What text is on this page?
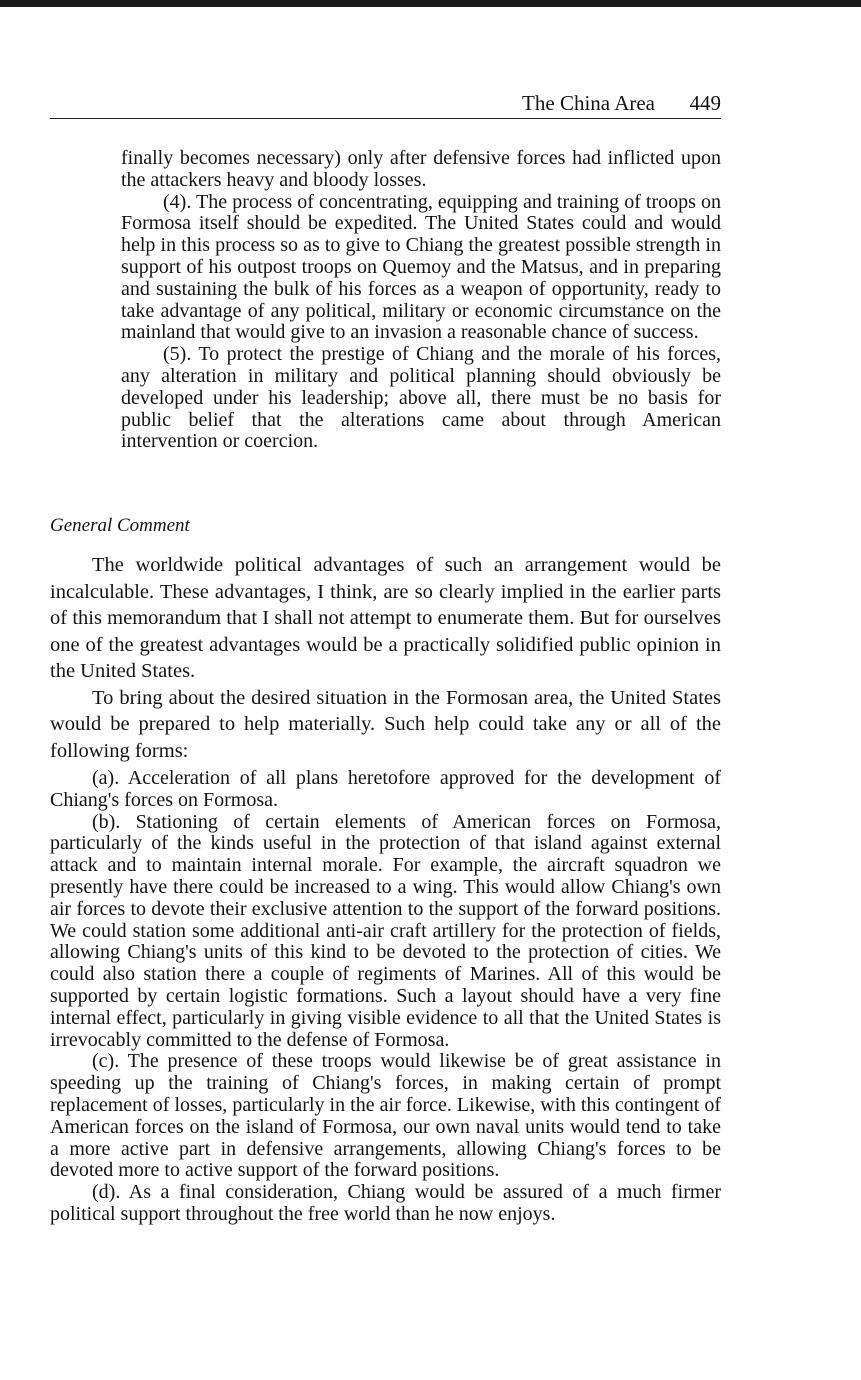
The China Area 449

finally becomes necessary) only after defensive forces had inflicted upon the attackers heavy and bloody losses.

(4). The process of concentrating, equipping and training of troops on Formosa itself should be expedited. The United States could and would help in this process so as to give to Chiang the greatest possible strength in support of his outpost troops on Quemoy and the Matsus, and in preparing and sustaining the bulk of his forces as a weapon of opportunity, ready to take advantage of any political, military or economic circumstance on the mainland that would give to an invasion a reasonable chance of success.

(5). To protect the prestige of Chiang and the morale of his forces, any alteration in military and political planning should obviously be developed under his leadership; above all, there must be no basis for public belief that the alterations came about through American intervention or coercion.

General Comment

The worldwide political advantages of such an arrangement would be incalculable. These advantages, I think, are so clearly implied in the earlier parts of this memorandum that I shall not attempt to enumerate them. But for ourselves one of the greatest advantages would be a practically solidified public opinion in the United States.

To bring about the desired situation in the Formosan area, the United States would be prepared to help materially. Such help could take any or all of the following forms:

(a). Acceleration of all plans heretofore approved for the development of Chiang's forces on Formosa.

(b). Stationing of certain elements of American forces on Formosa, particularly of the kinds useful in the protection of that island against external attack and to maintain internal morale. For example, the aircraft squadron we presently have there could be increased to a wing. This would allow Chiang's own air forces to devote their exclusive attention to the support of the forward positions. We could station some additional anti-air craft artillery for the protection of fields, allowing Chiang's units of this kind to be devoted to the protection of cities. We could also station there a couple of regiments of Marines. All of this would be supported by certain logistic formations. Such a layout should have a very fine internal effect, particularly in giving visible evidence to all that the United States is irrevocably committed to the defense of Formosa.

(c). The presence of these troops would likewise be of great assistance in speeding up the training of Chiang's forces, in making certain of prompt replacement of losses, particularly in the air force. Likewise, with this contingent of American forces on the island of Formosa, our own naval units would tend to take a more active part in defensive arrangements, allowing Chiang's forces to be devoted more to active support of the forward positions.

(d). As a final consideration, Chiang would be assured of a much firmer political support throughout the free world than he now enjoys.
